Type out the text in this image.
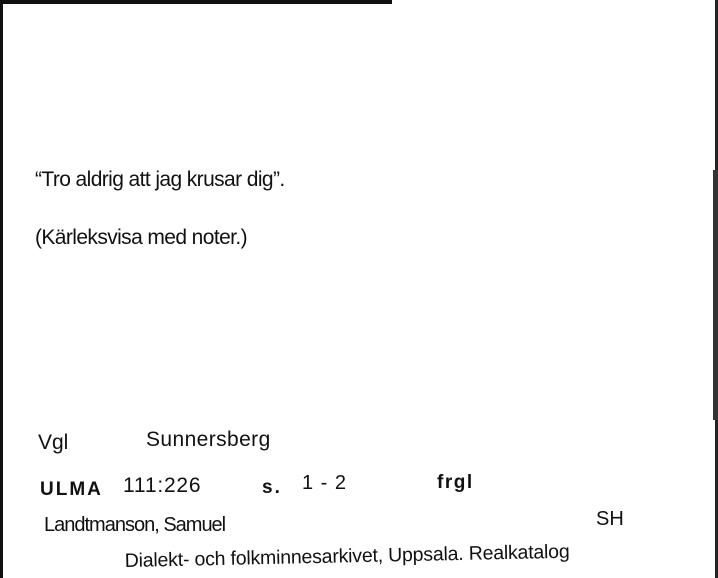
“Tro aldrig att jag krusar dig”.
(Kärleksvisa med noter.)
Vgl	Sunnersberg
ULMA 111:226	s. 1 - 2	frgl
Landtmanson, Samuel	SH
Dialekt- och folkminnesarkivet, Uppsala. Realkatalog
